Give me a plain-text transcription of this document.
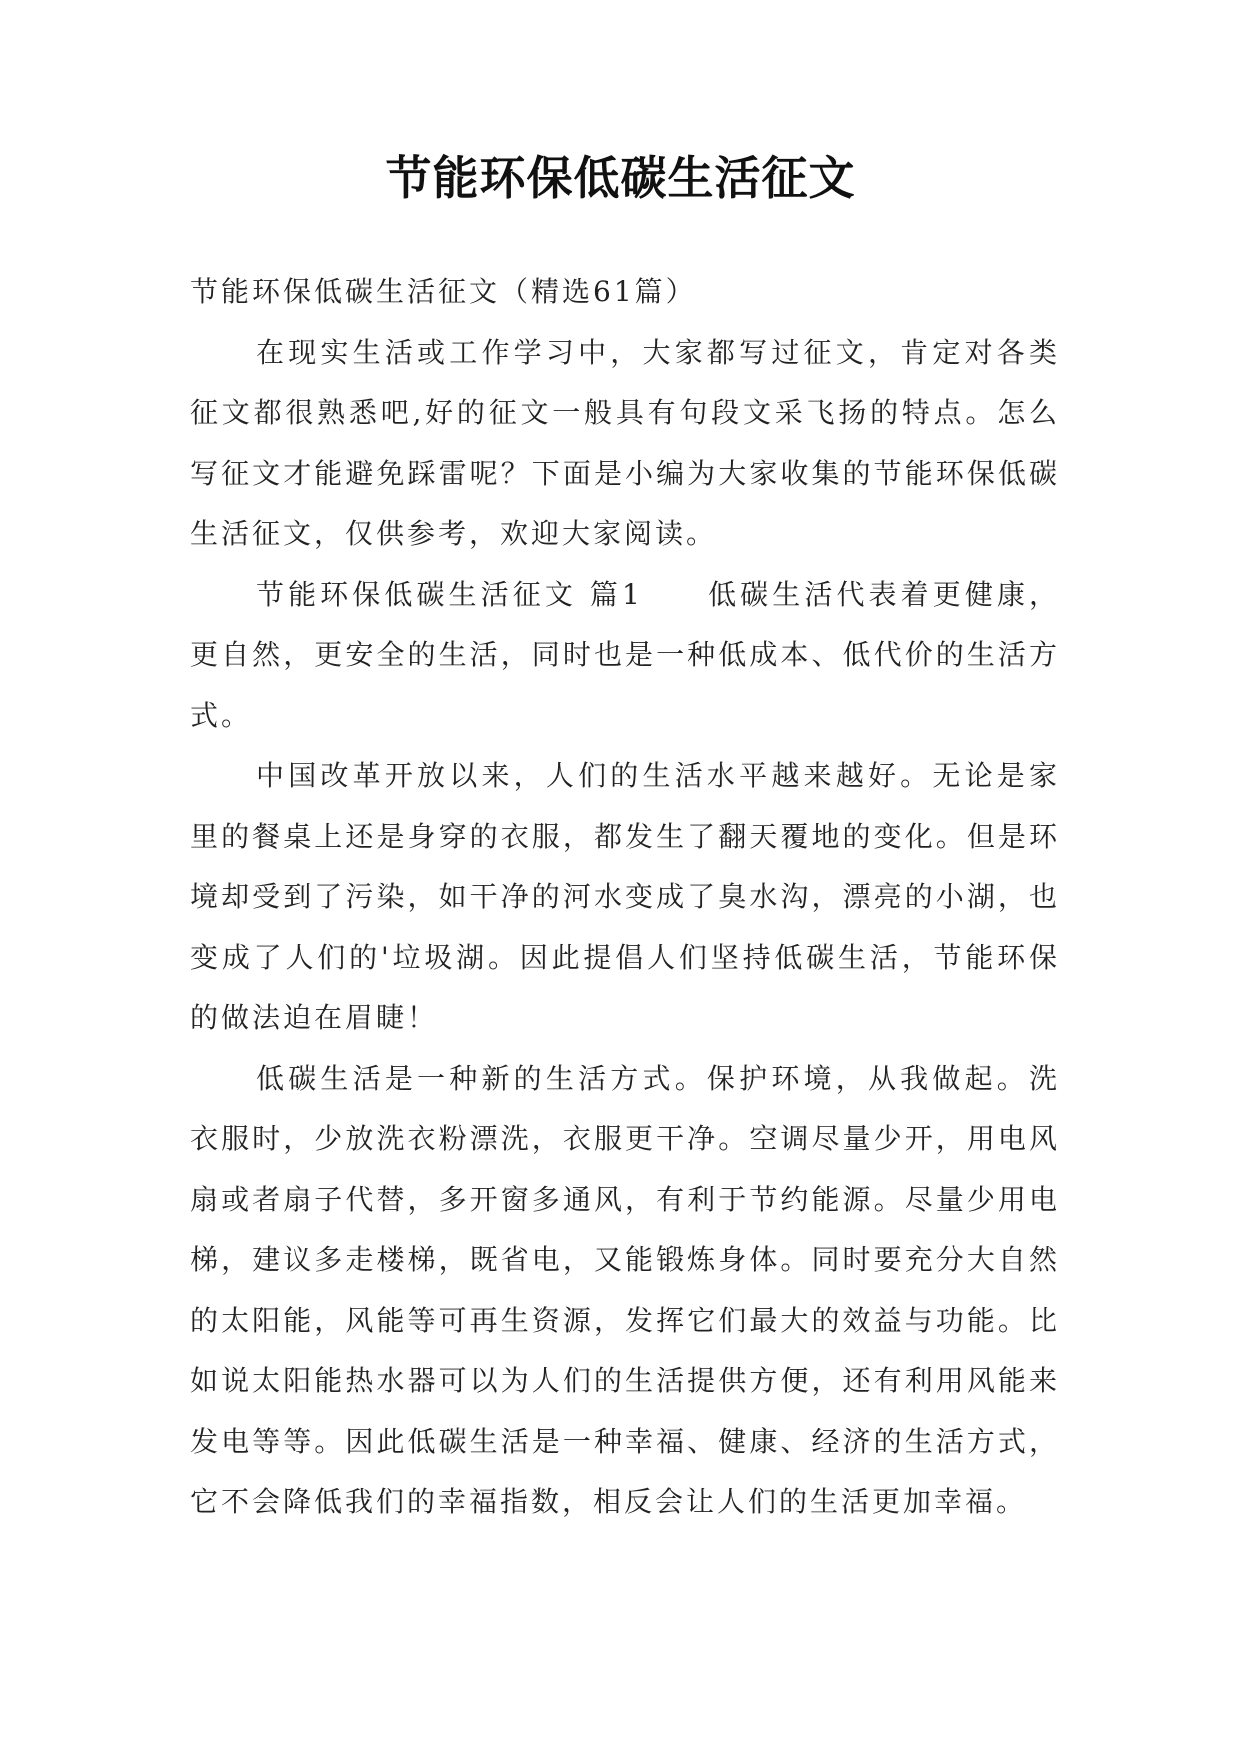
节能环保低碳生活征文

节能环保低碳生活征文（精选61篇）

在现实生活或工作学习中，大家都写过征文，肯定对各类征文都很熟悉吧,好的征文一般具有句段文采飞扬的特点。怎么写征文才能避免踩雷呢？下面是小编为大家收集的节能环保低碳生活征文，仅供参考，欢迎大家阅读。

节能环保低碳生活征文 篇1　　低碳生活代表着更健康，更自然，更安全的生活，同时也是一种低成本、低代价的生活方式。

中国改革开放以来，人们的生活水平越来越好。无论是家里的餐桌上还是身穿的衣服，都发生了翻天覆地的变化。但是环境却受到了污染，如干净的河水变成了臭水沟，漂亮的小湖，也变成了人们的'垃圾湖。因此提倡人们坚持低碳生活，节能环保的做法迫在眉睫！

低碳生活是一种新的生活方式。保护环境，从我做起。洗衣服时，少放洗衣粉漂洗，衣服更干净。空调尽量少开，用电风扇或者扇子代替，多开窗多通风，有利于节约能源。尽量少用电梯，建议多走楼梯，既省电，又能锻炼身体。同时要充分大自然的太阳能，风能等可再生资源，发挥它们最大的效益与功能。比如说太阳能热水器可以为人们的生活提供方便，还有利用风能来发电等等。因此低碳生活是一种幸福、健康、经济的生活方式，它不会降低我们的幸福指数，相反会让人们的生活更加幸福。
